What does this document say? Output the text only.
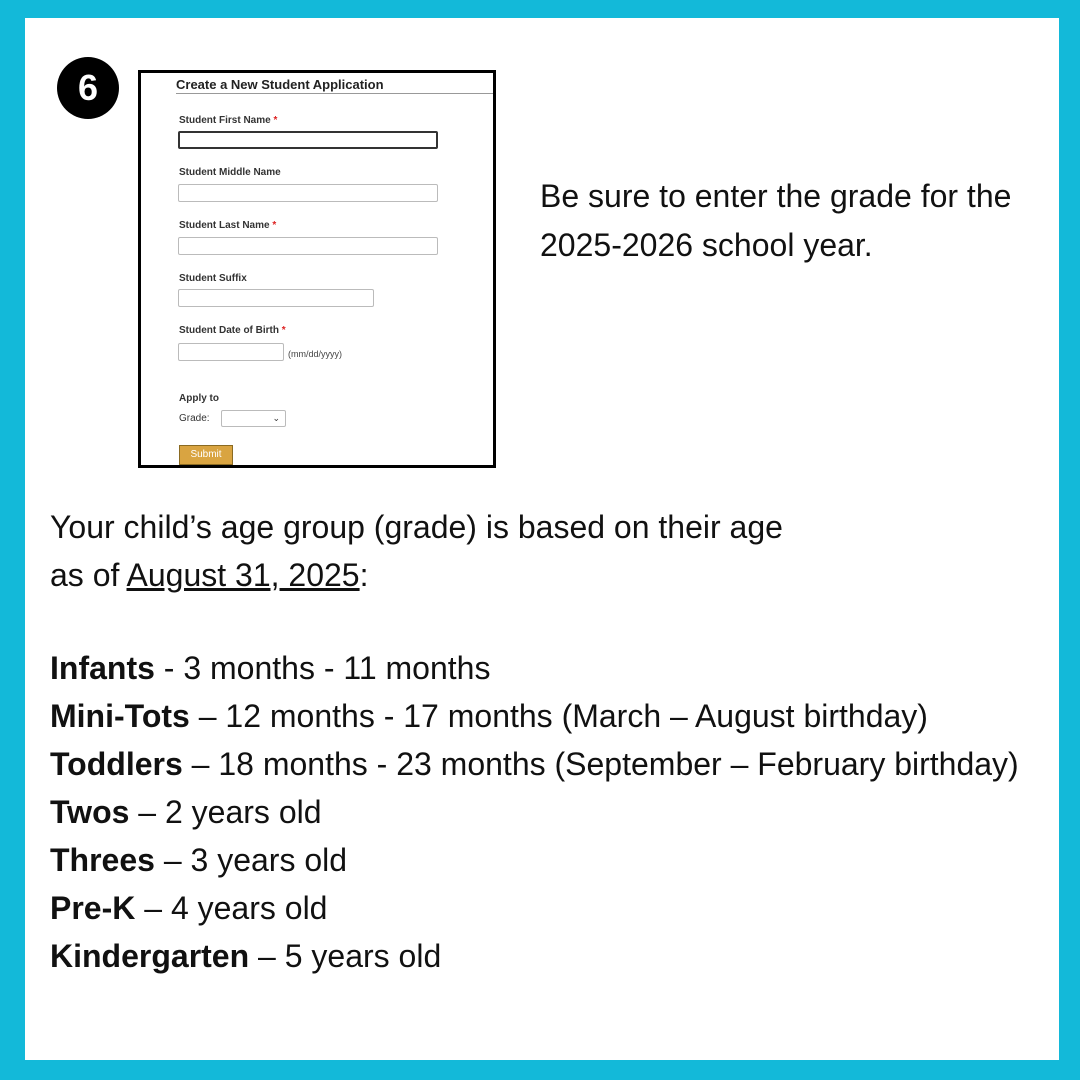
6	Create a New Student Application
Student First Name *
Student Middle Name
Student Last Name *
Student Suffix
Student Date of Birth *
(mm/dd/yyyy)
Apply to
Grade:	⌄
Submit
Be sure to enter the grade for the 2025-2026 school year.
Your child’s age group (grade) is based on their age
as of August 31, 2025:
Infants - 3 months - 11 months
Mini-Tots – 12 months - 17 months (March – August birthday)
Toddlers – 18 months - 23 months (September – February birthday)
Twos – 2 years old
Threes – 3 years old
Pre-K – 4 years old
Kindergarten – 5 years old
